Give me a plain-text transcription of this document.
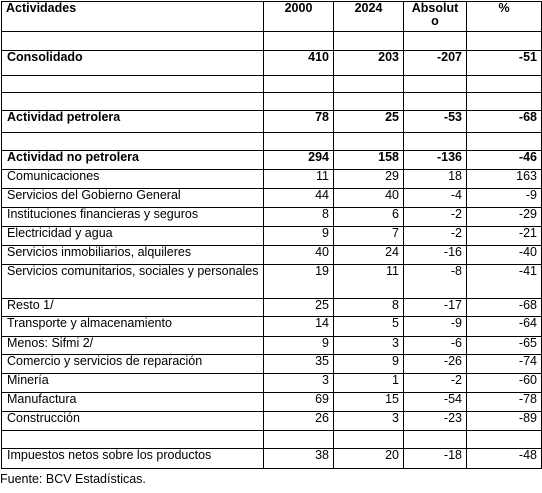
Actividades	2000	2024	Absolut o	%

Consolidado	410	203	-207	-51

Actividad petrolera	78	25	-53	-68

Actividad no petrolera	294	158	-136	-46
Comunicaciones	11	29	18	163
Servicios del Gobierno General	44	40	-4	-9
Instituciones financieras y seguros	8	6	-2	-29
Electricidad y agua	9	7	-2	-21
Servicios inmobiliarios, alquileres	40	24	-16	-40
Servicios comunitarios, sociales y personales	19	11	-8	-41
Resto 1/	25	8	-17	-68
Transporte y almacenamiento	14	5	-9	-64
Menos: Sifmi 2/	9	3	-6	-65
Comercio y servicios de reparación	35	9	-26	-74
Minería	3	1	-2	-60
Manufactura	69	15	-54	-78
Construcción	26	3	-23	-89

Impuestos netos sobre los productos	38	20	-18	-48
Fuente: BCV Estadísticas.
